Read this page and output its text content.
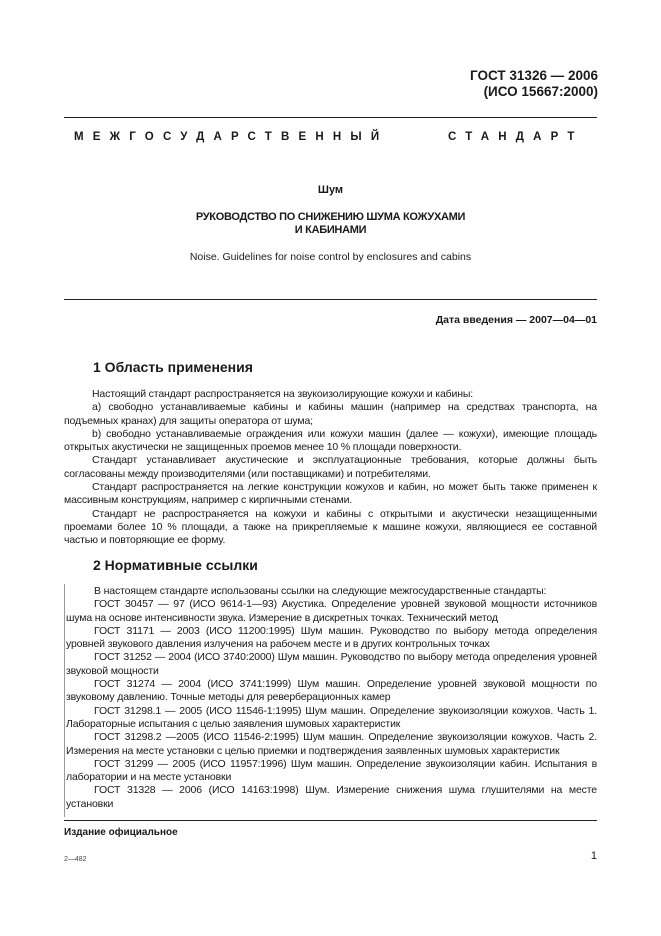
ГОСТ 31326 — 2006
(ИСО 15667:2000)
МЕЖГОСУДАРСТВЕННЫЙ	СТАНДАРТ
Шум
РУКОВОДСТВО ПО СНИЖЕНИЮ ШУМА КОЖУХАМИ
И КАБИНАМИ
Noise. Guidelines for noise control by enclosures and cabins
Дата введения — 2007—04—01
1 Область применения

Настоящий стандарт распространяется на звукоизолирующие кожухи и кабины:

а) свободно устанавливаемые кабины и кабины машин (например на средствах транспорта, на подъемных кранах) для защиты оператора от шума;

b) свободно устанавливаемые ограждения или кожухи машин (далее — кожухи), имеющие площадь открытых акустически не защищенных проемов менее 10 % площади поверхности.

Стандарт устанавливает акустические и эксплуатационные требования, которые должны быть согласованы между производителями (или поставщиками) и потребителями.

Стандарт распространяется на легкие конструкции кожухов и кабин, но может быть также применен к массивным конструкциям, например с кирпичными стенами.

Стандарт не распространяется на кожухи и кабины с открытыми и акустически незащищенными проемами более 10 % площади, а также на прикрепляемые к машине кожухи, являющиеся ее составной частью и повторяющие ее форму.

2 Нормативные ссылки

В настоящем стандарте использованы ссылки на следующие межгосударственные стандарты:

ГОСТ 30457 — 97 (ИСО 9614-1—93) Акустика. Определение уровней звуковой мощности источников шума на основе интенсивности звука. Измерение в дискретных точках. Технический метод

ГОСТ 31171 — 2003 (ИСО 11200:1995) Шум машин. Руководство по выбору метода определения уровней звукового давления излучения на рабочем месте и в других контрольных точках

ГОСТ 31252 — 2004 (ИСО 3740:2000) Шум машин. Руководство по выбору метода определения уровней звуковой мощности

ГОСТ 31274 — 2004 (ИСО 3741:1999) Шум машин. Определение уровней звуковой мощности по звуковому давлению. Точные методы для реверберационных камер

ГОСТ 31298.1 — 2005 (ИСО 11546-1:1995) Шум машин. Определение звукоизоляции кожухов. Часть 1. Лабораторные испытания с целью заявления шумовых характеристик

ГОСТ 31298.2 —2005 (ИСО 11546-2:1995) Шум машин. Определение звукоизоляции кожухов. Часть 2. Измерения на месте установки с целью приемки и подтверждения заявленных шумовых характеристик

ГОСТ 31299 — 2005 (ИСО 11957:1996) Шум машин. Определение звукоизоляции кабин. Испытания в лаборатории и на месте установки

ГОСТ 31328 — 2006 (ИСО 14163:1998) Шум. Измерение снижения шума глушителями на месте установки

Издание официальное
2—482	1
